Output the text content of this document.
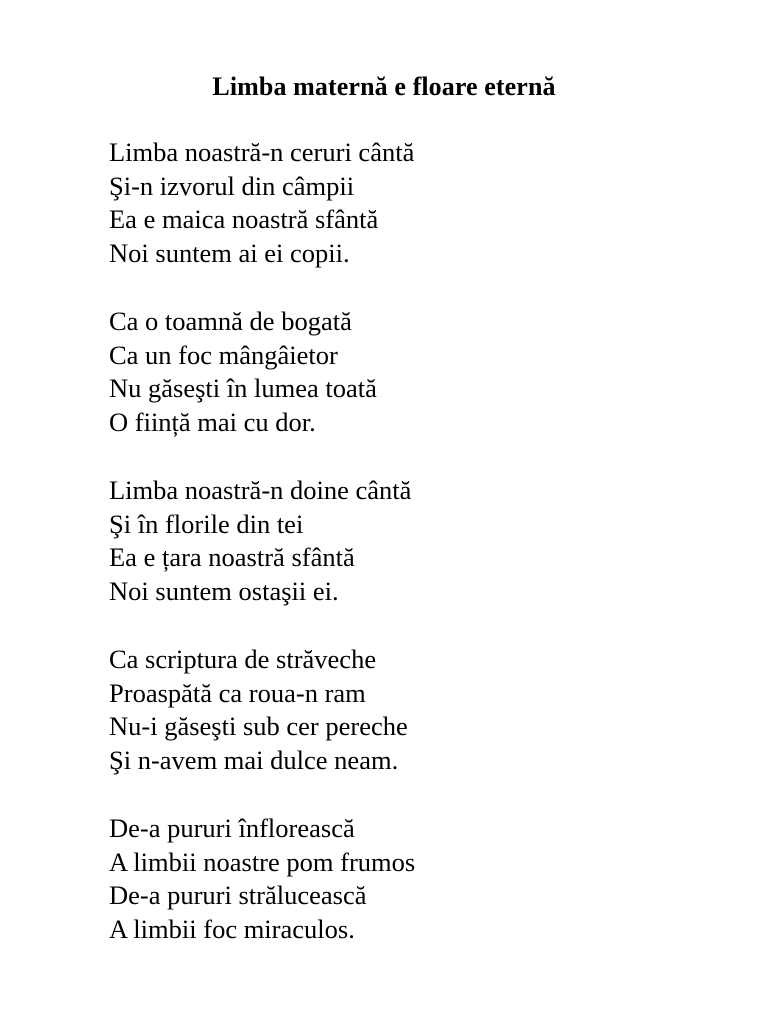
Limba maternă e floare eternă
Limba noastră-n ceruri cântă
Şi-n izvorul din câmpii
Ea e maica noastră sfântă
Noi suntem ai ei copii.
Ca o toamnă de bogată
Ca un foc mângâietor
Nu găseşti în lumea toată
O ființă mai cu dor.
Limba noastră-n doine cântă
Şi în florile din tei
Ea e țara noastră sfântă
Noi suntem ostaşii ei.
Ca scriptura de străveche
Proaspătă ca roua-n ram
Nu-i găseşti sub cer pereche
Şi n-avem mai dulce neam.
De-a pururi înflorească
A limbii noastre pom frumos
De-a pururi strălucească
A limbii foc miraculos.
